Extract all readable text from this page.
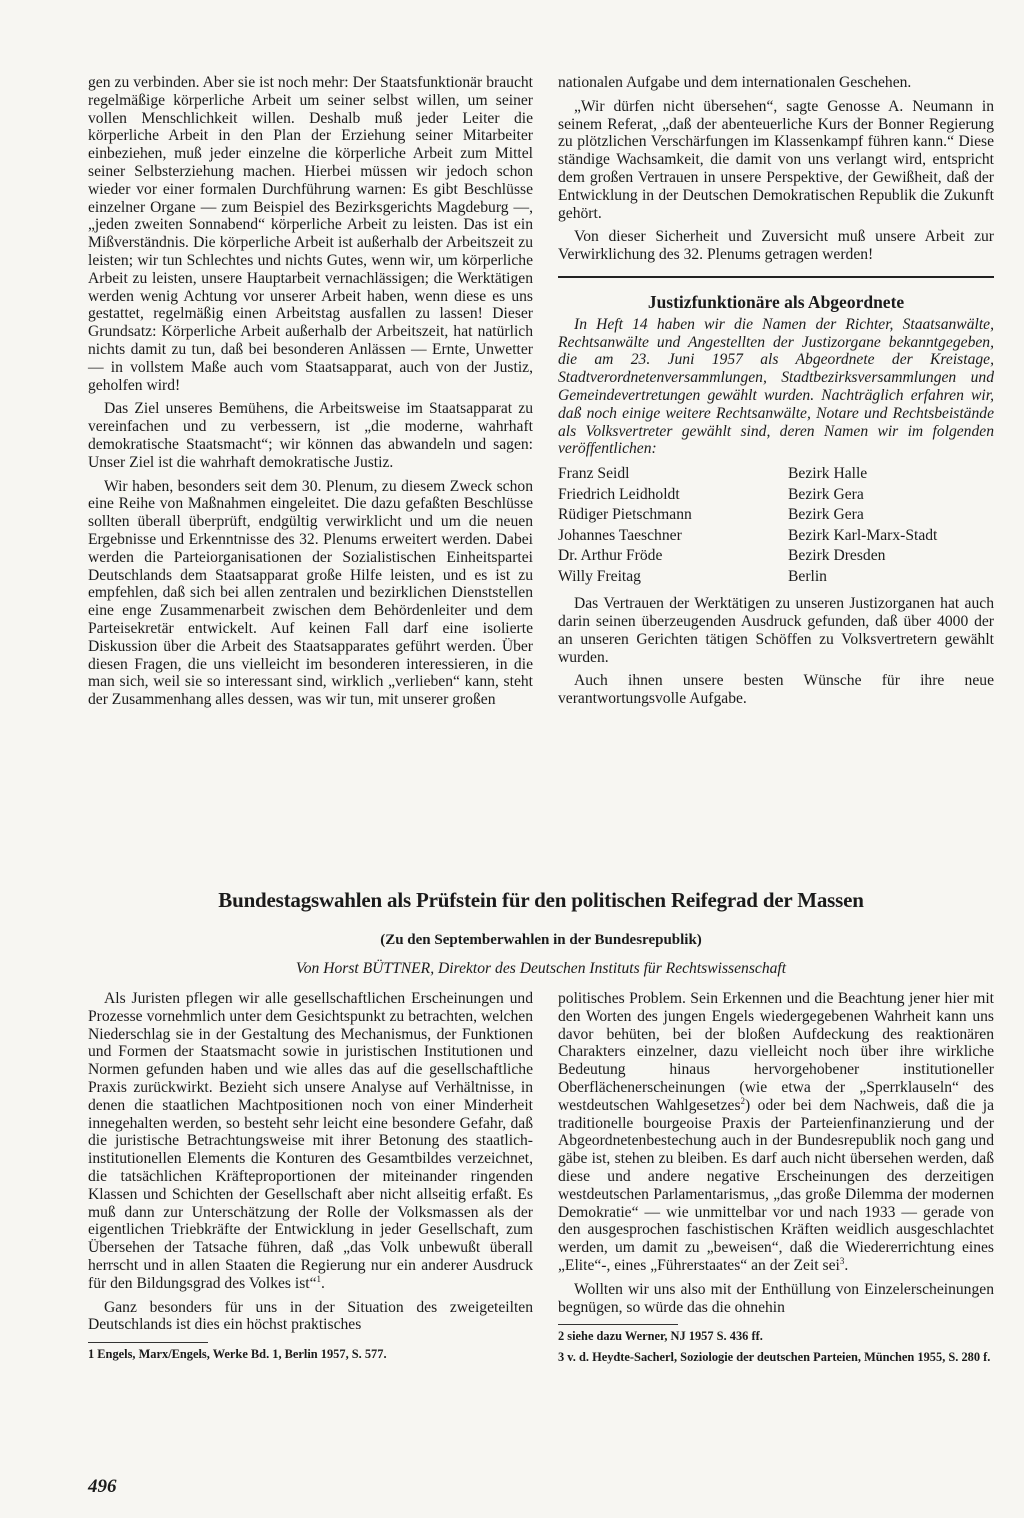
gen zu verbinden. Aber sie ist noch mehr: Der Staatsfunktionär braucht regelmäßige körperliche Arbeit um seiner selbst willen, um seiner vollen Menschlichkeit willen. Deshalb muß jeder Leiter die körperliche Arbeit in den Plan der Erziehung seiner Mitarbeiter einbeziehen, muß jeder einzelne die körperliche Arbeit zum Mittel seiner Selbsterziehung machen. Hierbei müssen wir jedoch schon wieder vor einer formalen Durchführung warnen: Es gibt Beschlüsse einzelner Organe — zum Beispiel des Bezirksgerichts Magdeburg —, „jeden zweiten Sonnabend“ körperliche Arbeit zu leisten. Das ist ein Mißverständnis. Die körperliche Arbeit ist außerhalb der Arbeitszeit zu leisten; wir tun Schlechtes und nichts Gutes, wenn wir, um körperliche Arbeit zu leisten, unsere Hauptarbeit vernachlässigen; die Werktätigen werden wenig Achtung vor unserer Arbeit haben, wenn diese es uns gestattet, regelmäßig einen Arbeitstag ausfallen zu lassen! Dieser Grundsatz: Körperliche Arbeit außerhalb der Arbeitszeit, hat natürlich nichts damit zu tun, daß bei besonderen Anlässen — Ernte, Unwetter — in vollstem Maße auch vom Staatsapparat, auch von der Justiz, geholfen wird!

Das Ziel unseres Bemühens, die Arbeitsweise im Staatsapparat zu vereinfachen und zu verbessern, ist „die moderne, wahrhaft demokratische Staatsmacht“; wir können das abwandeln und sagen: Unser Ziel ist die wahrhaft demokratische Justiz.

Wir haben, besonders seit dem 30. Plenum, zu diesem Zweck schon eine Reihe von Maßnahmen eingeleitet. Die dazu gefaßten Beschlüsse sollten überall überprüft, endgültig verwirklicht und um die neuen Ergebnisse und Erkenntnisse des 32. Plenums erweitert werden. Dabei werden die Parteiorganisationen der Sozialistischen Einheitspartei Deutschlands dem Staatsapparat große Hilfe leisten, und es ist zu empfehlen, daß sich bei allen zentralen und bezirklichen Dienststellen eine enge Zusammenarbeit zwischen dem Behördenleiter und dem Parteisekretär entwickelt. Auf keinen Fall darf eine isolierte Diskussion über die Arbeit des Staatsapparates geführt werden. Über diesen Fragen, die uns vielleicht im besonderen interessieren, in die man sich, weil sie so interessant sind, wirklich „verlieben“ kann, steht der Zusammenhang alles dessen, was wir tun, mit unserer großen

nationalen Aufgabe und dem internationalen Geschehen.

„Wir dürfen nicht übersehen“, sagte Genosse A. Neumann in seinem Referat, „daß der abenteuerliche Kurs der Bonner Regierung zu plötzlichen Verschärfungen im Klassenkampf führen kann.“ Diese ständige Wachsamkeit, die damit von uns verlangt wird, entspricht dem großen Vertrauen in unsere Perspektive, der Gewißheit, daß der Entwicklung in der Deutschen Demokratischen Republik die Zukunft gehört.

Von dieser Sicherheit und Zuversicht muß unsere Arbeit zur Verwirklichung des 32. Plenums getragen werden!

Justizfunktionäre als Abgeordnete

In Heft 14 haben wir die Namen der Richter, Staatsanwälte, Rechtsanwälte und Angestellten der Justizorgane bekanntgegeben, die am 23. Juni 1957 als Abgeordnete der Kreistage, Stadtverordnetenversammlungen, Stadtbezirksversammlungen und Gemeindevertretungen gewählt wurden. Nachträglich erfahren wir, daß noch einige weitere Rechtsanwälte, Notare und Rechtsbeistände als Volksvertreter gewählt sind, deren Namen wir im folgenden veröffentlichen:

Franz Seidl	Bezirk Halle
Friedrich Leidholdt	Bezirk Gera
Rüdiger Pietschmann	Bezirk Gera
Johannes Taeschner	Bezirk Karl-Marx-Stadt
Dr. Arthur Fröde	Bezirk Dresden
Willy Freitag	Berlin

Das Vertrauen der Werktätigen zu unseren Justizorganen hat auch darin seinen überzeugenden Ausdruck gefunden, daß über 4000 der an unseren Gerichten tätigen Schöffen zu Volksvertretern gewählt wurden.

Auch ihnen unsere besten Wünsche für ihre neue verantwortungsvolle Aufgabe.

Bundestagswahlen als Prüfstein für den politischen Reifegrad der Massen
(Zu den Septemberwahlen in der Bundesrepublik)
Von Horst BÜTTNER, Direktor des Deutschen Instituts für Rechtswissenschaft

Als Juristen pflegen wir alle gesellschaftlichen Erscheinungen und Prozesse vornehmlich unter dem Gesichtspunkt zu betrachten, welchen Niederschlag sie in der Gestaltung des Mechanismus, der Funktionen und Formen der Staatsmacht sowie in juristischen Institutionen und Normen gefunden haben und wie alles das auf die gesellschaftliche Praxis zurückwirkt. Bezieht sich unsere Analyse auf Verhältnisse, in denen die staatlichen Machtpositionen noch von einer Minderheit innegehalten werden, so besteht sehr leicht eine besondere Gefahr, daß die juristische Betrachtungsweise mit ihrer Betonung des staatlich-institutionellen Elements die Konturen des Gesamtbildes verzeichnet, die tatsächlichen Kräfteproportionen der miteinander ringenden Klassen und Schichten der Gesellschaft aber nicht allseitig erfaßt. Es muß dann zur Unterschätzung der Rolle der Volksmassen als der eigentlichen Triebkräfte der Entwicklung in jeder Gesellschaft, zum Übersehen der Tatsache führen, daß „das Volk unbewußt überall herrscht und in allen Staaten die Regierung nur ein anderer Ausdruck für den Bildungsgrad des Volkes ist“$^1$.

Ganz besonders für uns in der Situation des zweigeteilten Deutschlands ist dies ein höchst praktisches

1 Engels, Marx/Engels, Werke Bd. 1, Berlin 1957, S. 577.

politisches Problem. Sein Erkennen und die Beachtung jener hier mit den Worten des jungen Engels wiedergegebenen Wahrheit kann uns davor behüten, bei der bloßen Aufdeckung des reaktionären Charakters einzelner, dazu vielleicht noch über ihre wirkliche Bedeutung hinaus hervorgehobener institutioneller Oberflächenerscheinungen (wie etwa der „Sperrklauseln“ des westdeutschen Wahlgesetzes$^2$) oder bei dem Nachweis, daß die ja traditionelle bourgeoise Praxis der Parteienfinanzierung und der Abgeordnetenbestechung auch in der Bundesrepublik noch gang und gäbe ist, stehen zu bleiben. Es darf auch nicht übersehen werden, daß diese und andere negative Erscheinungen des derzeitigen westdeutschen Parlamentarismus, „das große Dilemma der modernen Demokratie“ — wie unmittelbar vor und nach 1933 — gerade von den ausgesprochen faschistischen Kräften weidlich ausgeschlachtet werden, um damit zu „beweisen“, daß die Wiedererrichtung eines „Elite“-, eines „Führerstaates“ an der Zeit sei$^3$.

Wollten wir uns also mit der Enthüllung von Einzelerscheinungen begnügen, so würde das die ohnehin

2 siehe dazu Werner, NJ 1957 S. 436 ff.

3 v. d. Heydte-Sacherl, Soziologie der deutschen Parteien, München 1955, S. 280 f.

496
